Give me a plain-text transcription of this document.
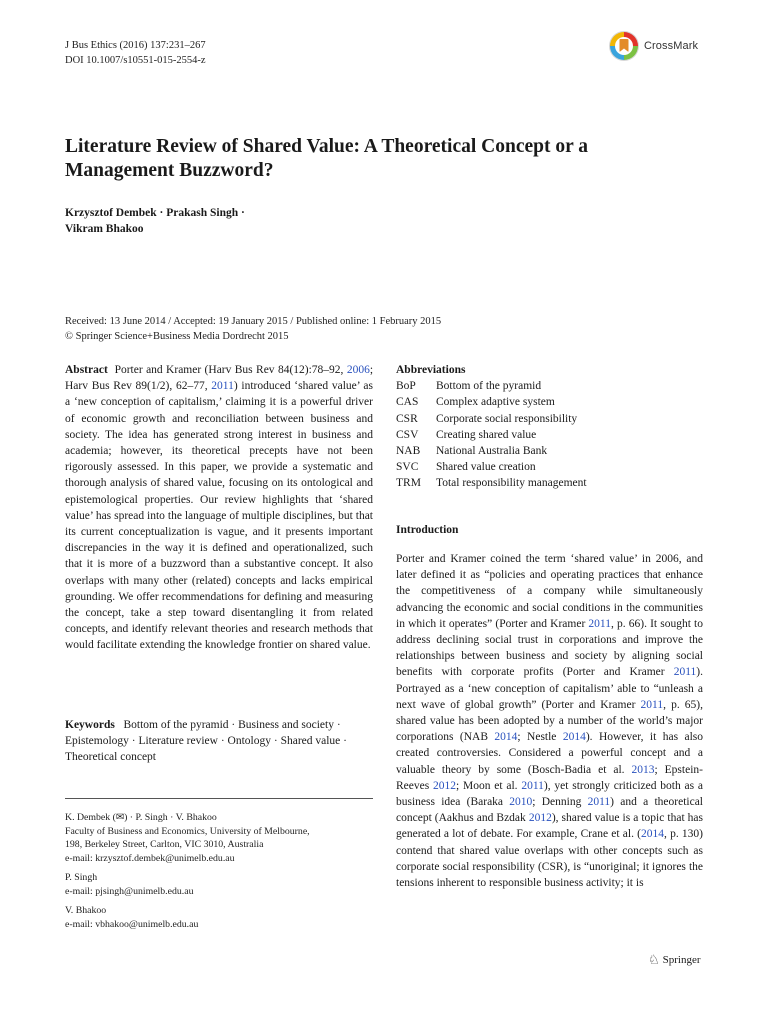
J Bus Ethics (2016) 137:231–267
DOI 10.1007/s10551-015-2554-z
CrossMark
Literature Review of Shared Value: A Theoretical Concept or a Management Buzzword?
Krzysztof Dembek · Prakash Singh ·
Vikram Bhakoo
Received: 13 June 2014 / Accepted: 19 January 2015 / Published online: 1 February 2015
© Springer Science+Business Media Dordrecht 2015

Abstract Porter and Kramer (Harv Bus Rev 84(12):78–92, 2006; Harv Bus Rev 89(1/2), 62–77, 2011) introduced ‘shared value’ as a ‘new conception of capitalism,’ claiming it is a powerful driver of economic growth and reconciliation between business and society. The idea has generated strong interest in business and academia; however, its theoretical precepts have not been rigorously assessed. In this paper, we provide a systematic and thorough analysis of shared value, focusing on its ontological and epistemological properties. Our review highlights that ‘shared value’ has spread into the language of multiple disciplines, but that its current conceptualization is vague, and it presents important discrepancies in the way it is defined and operationalized, such that it is more of a buzzword than a substantive concept. It also overlaps with many other (related) concepts and lacks empirical grounding. We offer recommendations for defining and measuring the concept, take a step toward disentangling it from related concepts, and identify relevant theories and research methods that would facilitate extending the knowledge frontier on shared value.

Keywords Bottom of the pyramid · Business and society · Epistemology · Literature review · Ontology · Shared value · Theoretical concept

K. Dembek (✉) · P. Singh · V. Bhakoo
Faculty of Business and Economics, University of Melbourne,
198, Berkeley Street, Carlton, VIC 3010, Australia
e-mail: krzysztof.dembek@unimelb.edu.au
P. Singh
e-mail: pjsingh@unimelb.edu.au
V. Bhakoo
e-mail: vbhakoo@unimelb.edu.au

Abbreviations

BoP	Bottom of the pyramid
CAS	Complex adaptive system
CSR	Corporate social responsibility
CSV	Creating shared value
NAB	National Australia Bank
SVC	Shared value creation
TRM	Total responsibility management

Introduction

Porter and Kramer coined the term ‘shared value’ in 2006, and later defined it as “policies and operating practices that enhance the competitiveness of a company while simultaneously advancing the economic and social conditions in the communities in which it operates” (Porter and Kramer 2011, p. 66). It sought to address declining social trust in corporations and improve the relationships between business and society by aligning social benefits with corporate profits (Porter and Kramer 2011). Portrayed as a ‘new conception of capitalism’ able to “unleash a next wave of global growth” (Porter and Kramer 2011, p. 65), shared value has been adopted by a number of the world’s major corporations (NAB 2014; Nestle 2014). However, it has also created controversies. Considered a powerful concept and a valuable theory by some (Bosch-Badia et al. 2013; Epstein-Reeves 2012; Moon et al. 2011), yet strongly criticized both as a business idea (Baraka 2010; Denning 2011) and a theoretical concept (Aakhus and Bzdak 2012), shared value is a topic that has generated a lot of debate. For example, Crane et al. (2014, p. 130) contend that shared value overlaps with other concepts such as corporate social responsibility (CSR), is “unoriginal; it ignores the tensions inherent to responsible business activity; it is

♘ Springer
